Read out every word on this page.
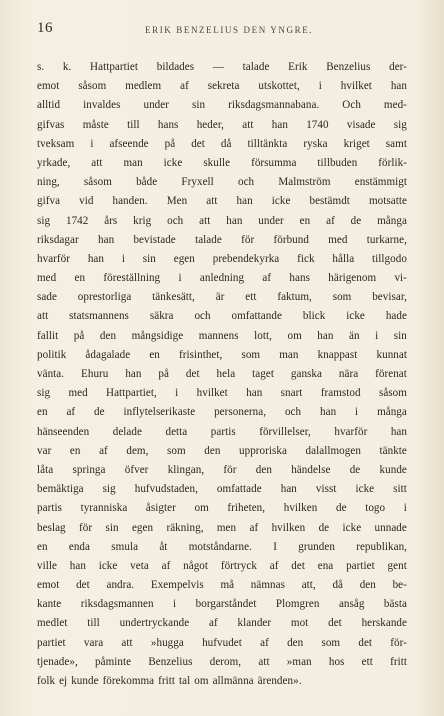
16	ERIK BENZELIUS DEN YNGRE.
s. k. Hattpartiet bildades — talade Erik Benzelius der-
emot såsom medlem af sekreta utskottet, i hvilket han
alltid invaldes under sin riksdagsmannabana. Och med-
gifvas måste till hans heder, att han 1740 visade sig
tveksam i afseende på det då tilltänkta ryska kriget samt
yrkade, att man icke skulle försumma tillbuden förlik-
ning, såsom både Fryxell och Malmström enstämmigt
gifva vid handen. Men att han icke bestämdt motsatte
sig 1742 års krig och att han under en af de många
riksdagar han bevistade talade för förbund med turkarne,
hvarför han i sin egen prebendekyrka fick hålla tillgodo
med en föreställning i anledning af hans härigenom vi-
sade oprestorliga tänkesätt, är ett faktum, som bevisar,
att statsmannens säkra och omfattande blick icke hade
fallit på den mångsidige mannens lott, om han än i sin
politik ådagalade en frisinthet, som man knappast kunnat
vänta. Ehuru han på det hela taget ganska nära förenat
sig med Hattpartiet, i hvilket han snart framstod såsom
en af de inflytelserikaste personerna, och han i många
hänseenden delade detta partis förvillelser, hvarför han
var en af dem, som den upproriska dalallmogen tänkte
låta springa öfver klingan, för den händelse de kunde
bemäktiga sig hufvudstaden, omfattade han visst icke sitt
partis tyranniska åsigter om friheten, hvilken de togo i
beslag för sin egen räkning, men af hvilken de icke unnade
en enda smula åt motståndarne. I grunden republikan,
ville han icke veta af något förtryck af det ena partiet gent
emot det andra. Exempelvis må nämnas att, då den be-
kante riksdagsmannen i borgarståndet Plomgren ansåg bästa
medlet till undertryckande af klander mot det herskande
partiet vara att »hugga hufvudet af den som det för-
tjenade», påminte Benzelius derom, att »man hos ett fritt
folk ej kunde förekomma fritt tal om allmänna ärenden».
